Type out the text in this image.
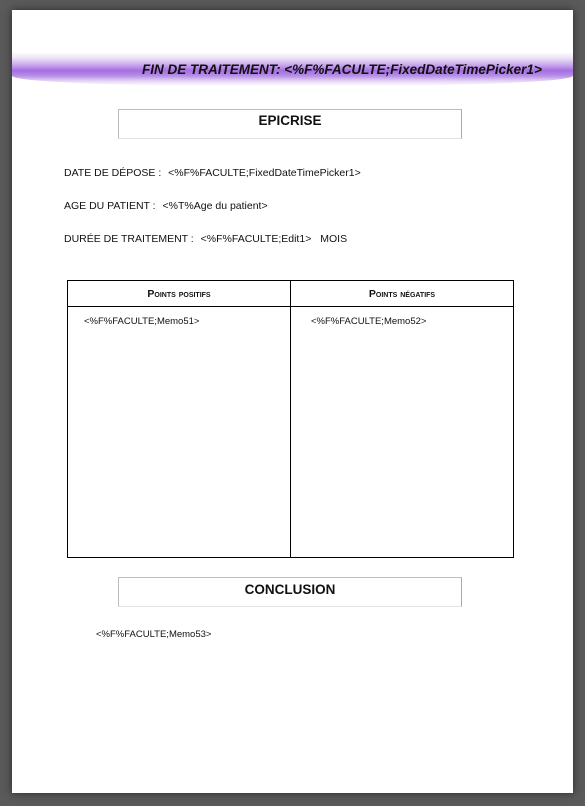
FIN DE TRAITEMENT: <%F%FACULTE;FixedDateTimePicker1>
EPICRISE
DATE DE DÉPOSE : <%F%FACULTE;FixedDateTimePicker1>
AGE DU PATIENT : <%T%Age du patient>
DURÉE DE TRAITEMENT : <%F%FACULTE;Edit1> MOIS
Points positifs
<%F%FACULTE;Memo51>
Points négatifs
<%F%FACULTE;Memo52>
CONCLUSION
<%F%FACULTE;Memo53>
